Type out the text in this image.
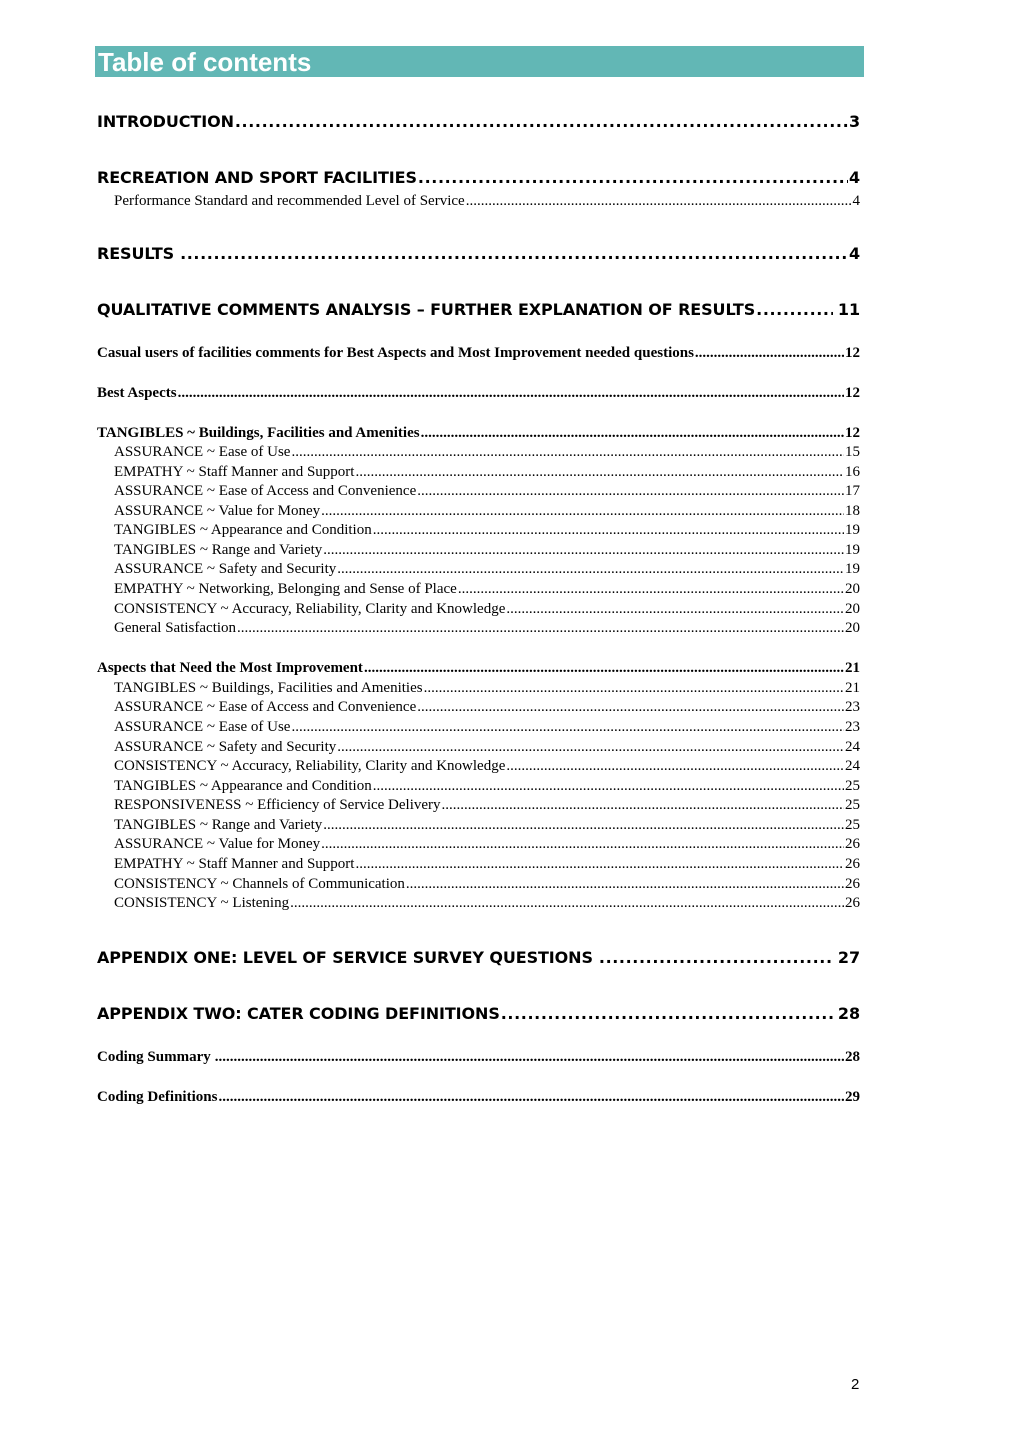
Table of contents
INTRODUCTION .....	3
RECREATION AND SPORT FACILITIES .....	4
Performance Standard and recommended Level of Service .....	4
RESULTS .....	4
QUALITATIVE COMMENTS ANALYSIS – FURTHER EXPLANATION OF RESULTS .....	11
Casual users of facilities comments for Best Aspects and Most Improvement needed questions .....	12
Best Aspects .....	12
TANGIBLES ~ Buildings, Facilities and Amenities .....	12
ASSURANCE ~ Ease of Use .....	15
EMPATHY ~ Staff Manner and Support .....	16
ASSURANCE ~ Ease of Access and Convenience .....	17
ASSURANCE ~ Value for Money .....	18
TANGIBLES ~ Appearance and Condition .....	19
TANGIBLES ~ Range and Variety .....	19
ASSURANCE ~ Safety and Security .....	19
EMPATHY ~ Networking, Belonging and Sense of Place .....	20
CONSISTENCY ~ Accuracy, Reliability, Clarity and Knowledge .....	20
General Satisfaction .....	20
Aspects that Need the Most Improvement .....	21
TANGIBLES ~ Buildings, Facilities and Amenities .....	21
ASSURANCE ~ Ease of Access and Convenience .....	23
ASSURANCE ~ Ease of Use .....	23
ASSURANCE ~ Safety and Security .....	24
CONSISTENCY ~ Accuracy, Reliability, Clarity and Knowledge .....	24
TANGIBLES ~ Appearance and Condition .....	25
RESPONSIVENESS ~ Efficiency of Service Delivery .....	25
TANGIBLES ~ Range and Variety .....	25
ASSURANCE ~ Value for Money .....	26
EMPATHY ~ Staff Manner and Support .....	26
CONSISTENCY ~ Channels of Communication .....	26
CONSISTENCY ~ Listening .....	26
APPENDIX ONE: LEVEL OF SERVICE SURVEY QUESTIONS .....	27
APPENDIX TWO: CATER CODING DEFINITIONS .....	28
Coding Summary .....	28
Coding Definitions .....	29
2
